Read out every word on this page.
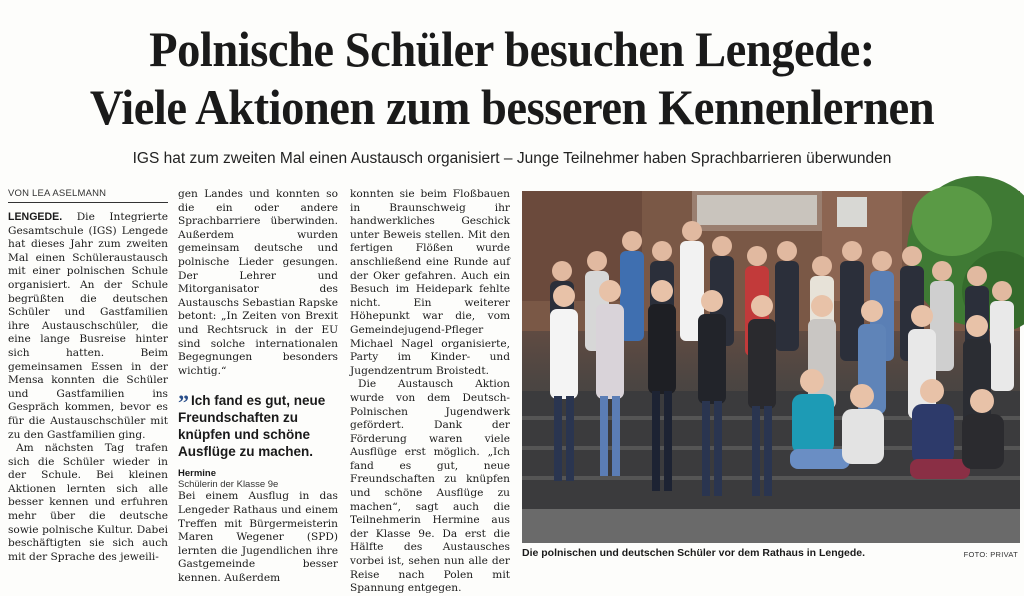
Polnische Schüler besuchen Lengede:
Viele Aktionen zum besseren Kennenlernen
IGS hat zum zweiten Mal einen Austausch organisiert – Junge Teilnehmer haben Sprachbarrieren überwunden
VON LEA ASELMANN

LENGEDE. Die Integrierte Gesamtschule (IGS) Lengede hat dieses Jahr zum zweiten Mal einen Schüleraustausch mit einer polnischen Schule organisiert. An der Schule begrüßten die deutschen Schüler und Gastfamilien ihre Austauschschüler, die eine lange Busreise hinter sich hatten. Beim gemeinsamen Essen in der Mensa konnten die Schüler und Gastfamilien ins Gespräch kommen, bevor es für die Austauschschüler mit zu den Gastfamilien ging.

Am nächsten Tag trafen sich die Schüler wieder in der Schule. Bei kleinen Aktionen lernten sich alle besser kennen und erfuhren mehr über die deutsche sowie polnische Kultur. Dabei beschäftigten sie sich auch mit der Sprache des jeweili-

gen Landes und konnten so die ein oder andere Sprachbarriere überwinden. Außerdem wurden gemeinsam deutsche und polnische Lieder gesungen. Der Lehrer und Mitorganisator des Austauschs Sebastian Rapske betont: „In Zeiten von Brexit und Rechtsruck in der EU sind solche internationalen Begegnungen besonders wichtig.“

” Ich fand es gut, neue Freundschaften zu knüpfen und schöne Ausflüge zu machen.
Hermine
Schülerin der Klasse 9e

Bei einem Ausflug in das Lengeder Rathaus und einem Treffen mit Bürgermeisterin Maren Wegener (SPD) lernten die Jugendlichen ihre Gastgemeinde besser kennen. Außerdem

konnten sie beim Floßbauen in Braunschweig ihr handwerkliches Geschick unter Beweis stellen. Mit den fertigen Flößen wurde anschließend eine Runde auf der Oker gefahren. Auch ein Besuch im Heidepark fehlte nicht. Ein weiterer Höhepunkt war die, vom Gemeindejugend-Pfleger Michael Nagel organisierte, Party im Kinder- und Jugendzentrum Broistedt.

Die Austausch Aktion wurde von dem Deutsch-Polnischen Jugendwerk gefördert. Dank der Förderung waren viele Ausflüge erst möglich. „Ich fand es gut, neue Freundschaften zu knüpfen und schöne Ausflüge zu machen“, sagt auch die Teilnehmerin Hermine aus der Klasse 9e. Da erst die Hälfte des Austausches vorbei ist, sehen nun alle der Reise nach Polen mit Spannung entgegen.

Die polnischen und deutschen Schüler vor dem Rathaus in Lengede.	FOTO: PRIVAT
